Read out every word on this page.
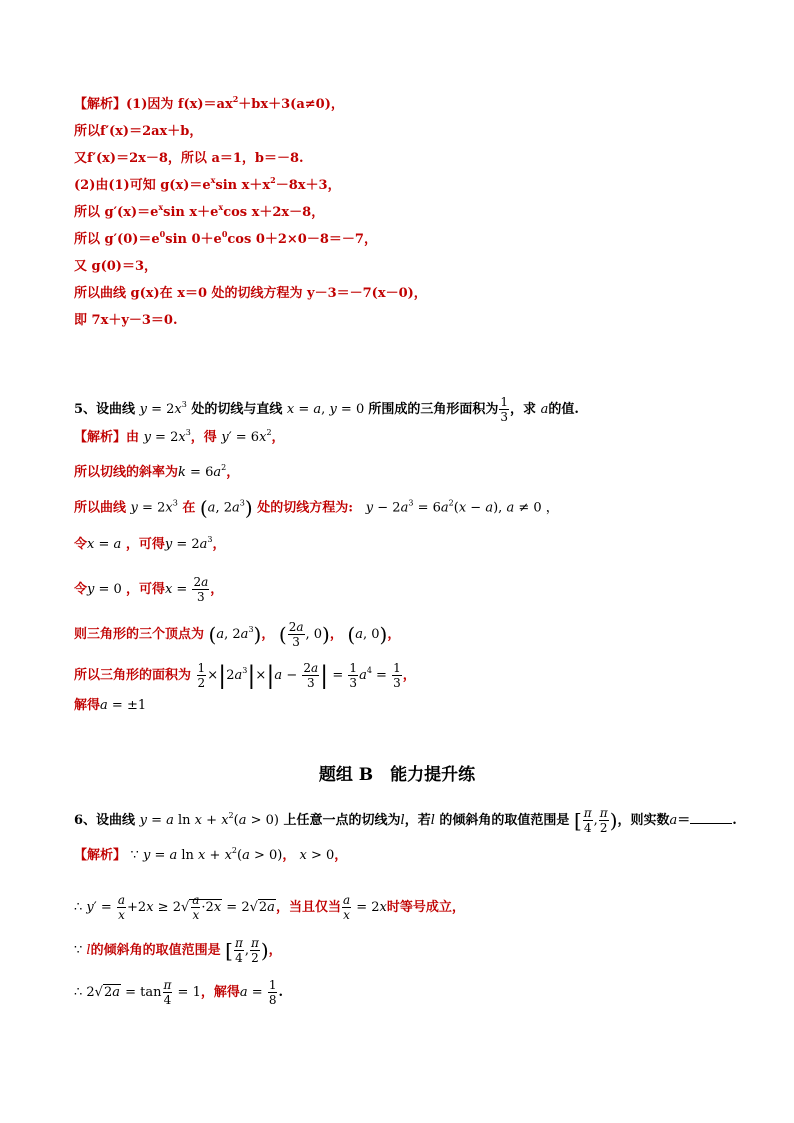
【解析】(1)因为 $f(x)=ax^2+bx+3(a\ne 0)$，
所以f′(x)＝2ax＋b，
又f′(x)＝2x－8，所以 a＝1，b＝－8.
(2)由(1)可知 $g(x)=e^x\sin$ $x+x^2-8x+3$，
所以 $g'(x)=e^x\sin$ $x+e^x\cos$ x＋2x－8，
所以 $g'(0)=e^0\sin$ $0+e^0\cos$ 0＋2×0－8＝－7，
又 g(0)＝3，
所以曲线 g(x)在 x＝0 处的切线方程为 y－3＝－7(x－0)，
即 7x＋y－3＝0.
5、设曲线 $y = 2x^3$ 处的切线与直线 x = a, y = 0 所围成的三角形面积为 $\frac{1}{3}$ ，求 a的值.
【解析】由 $y = 2x^3$，得 $y' = 6x^2$，
所以切线的斜率为$k = 6a^2$，
所以曲线 $y = 2x^3$ 在 (a, $2a^3$) 处的切线方程为:   $y - 2a^3 = 6a^2(x - a)$, a ≠ 0 ，
令x = a ，可得$y = 2a^3$，
令y = 0 ，可得$x = \frac{2a}{3}$ ，
则三角形的三个顶点为 (a, $2a^3$)， ( $\frac{2a}{3}$ , 0)， (a, 0)，
所以三角形的面积为 $\frac{1}{2} \times|2a^3|\times|a - \frac{2a}{3}$ | = $\frac{1}{3} a^4 = \frac{1}{3}$ ，
解得a = ±1
题组 B　能力提升练
6、设曲线 y = a $\ln x + x^2(a > 0)$ 上任意一点的切线为l，若l 的倾斜角的取值范围是 [ $\frac{\pi}{4}$ , $\frac{\pi}{2}$ )，则实数a＝	.
【解析】 ∵ y = a $\ln x + x^2(a > 0)$， x > 0，
∴ $y' = \frac{a}{x} +2x \ge 2√ \frac{a}{x} \cdot 2x = 2√2a$，当且仅当 $\frac{a}{x} = 2x$时等号成立，
∵ l的倾斜角的取值范围是 [ $\frac{\pi}{4}$ , $\frac{\pi}{2}$ )，
∴ $2√2a = \tan \frac{\pi}{4} = 1$，解得$a = \frac{1}{8}$ .
